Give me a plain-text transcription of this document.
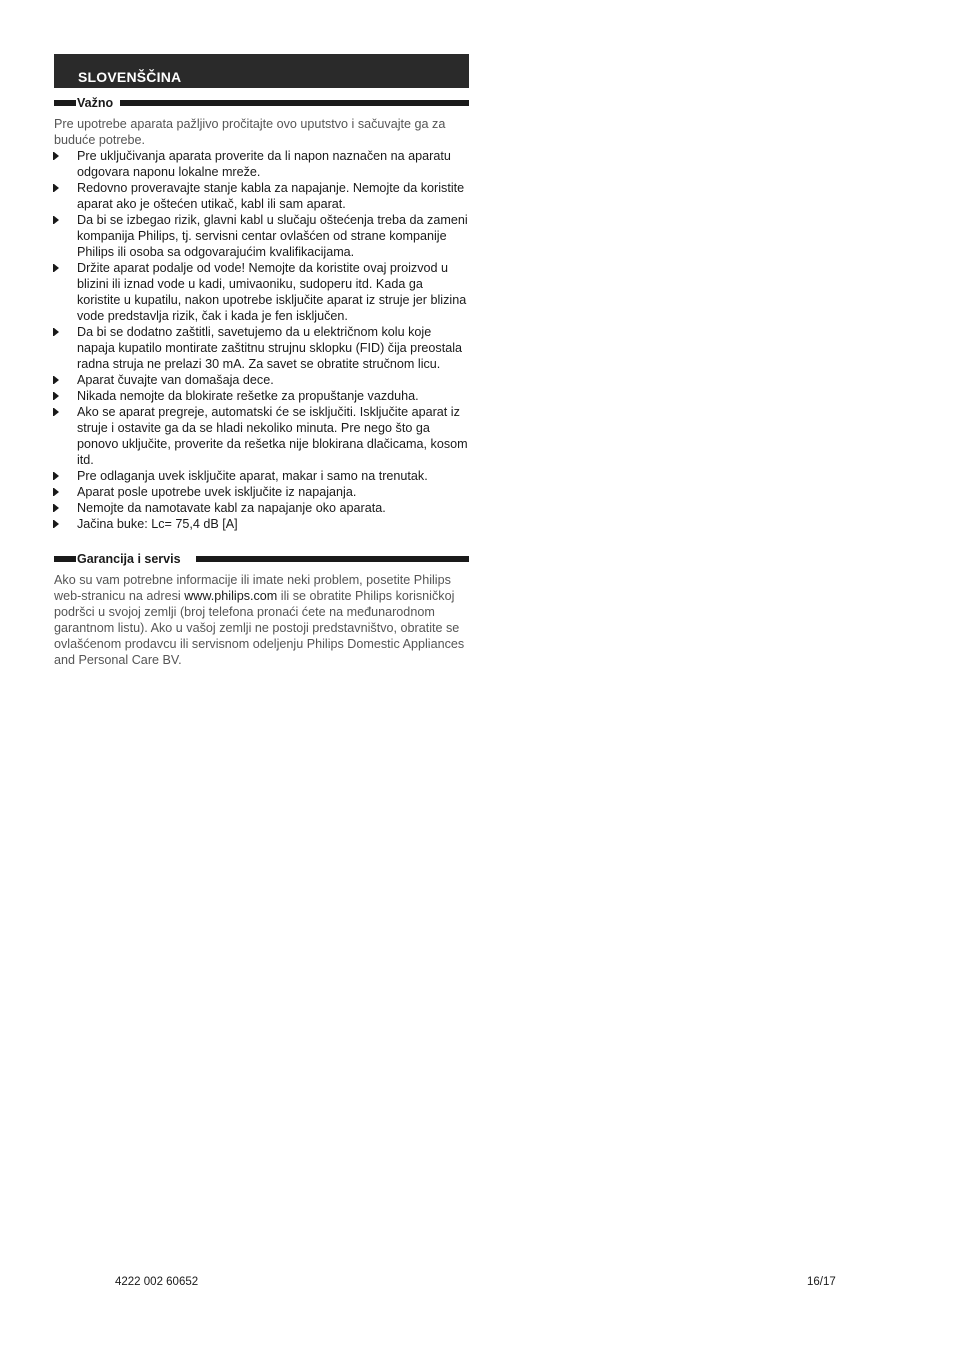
SLOVENŠČINA
Važno
Pre upotrebe aparata pažljivo pročitajte ovo uputstvo i sačuvajte ga za buduće potrebe.
Pre uključivanja aparata proverite da li napon naznačen na aparatu odgovara naponu lokalne mreže.
Redovno proveravajte stanje kabla za napajanje. Nemojte da koristite aparat ako je oštećen utikač, kabl ili sam aparat.
Da bi se izbegao rizik, glavni kabl u slučaju oštećenja treba da zameni kompanija Philips, tj. servisni centar ovlašćen od strane kompanije Philips ili osoba sa odgovarajućim kvalifikacijama.
Držite aparat podalje od vode! Nemojte da koristite ovaj proizvod u blizini ili iznad vode u kadi, umivaoniku, sudoperu itd. Kada ga koristite u kupatilu, nakon upotrebe isključite aparat iz struje jer blizina vode predstavlja rizik, čak i kada je fen isključen.
Da bi se dodatno zaštitli, savetujemo da u električnom kolu koje napaja kupatilo montirate zaštitnu strujnu sklopku (FID) čija preostala radna struja ne prelazi 30 mA. Za savet se obratite stručnom licu.
Aparat čuvajte van domašaja dece.
Nikada nemojte da blokirate rešetke za propuštanje vazduha.
Ako se aparat pregreje, automatski će se isključiti. Isključite aparat iz struje i ostavite ga da se hladi nekoliko minuta. Pre nego što ga ponovo uključite, proverite da rešetka nije blokirana dlačicama, kosom itd.
Pre odlaganja uvek isključite aparat, makar i samo na trenutak.
Aparat posle upotrebe uvek isključite iz napajanja.
Nemojte da namotavate kabl za napajanje oko aparata.
Jačina buke: Lc= 75,4 dB [A]
Garancija i servis
Ako su vam potrebne informacije ili imate neki problem, posetite Philips web-stranicu na adresi www.philips.com ili se obratite Philips korisničkoj podršci u svojoj zemlji (broj telefona pronaći ćete na međunarodnom garantnom listu). Ako u vašoj zemlji ne postoji predstavništvo, obratite se ovlašćenom prodavcu ili servisnom odeljenju Philips Domestic Appliances and Personal Care BV.
4222 002 60652	16/17
